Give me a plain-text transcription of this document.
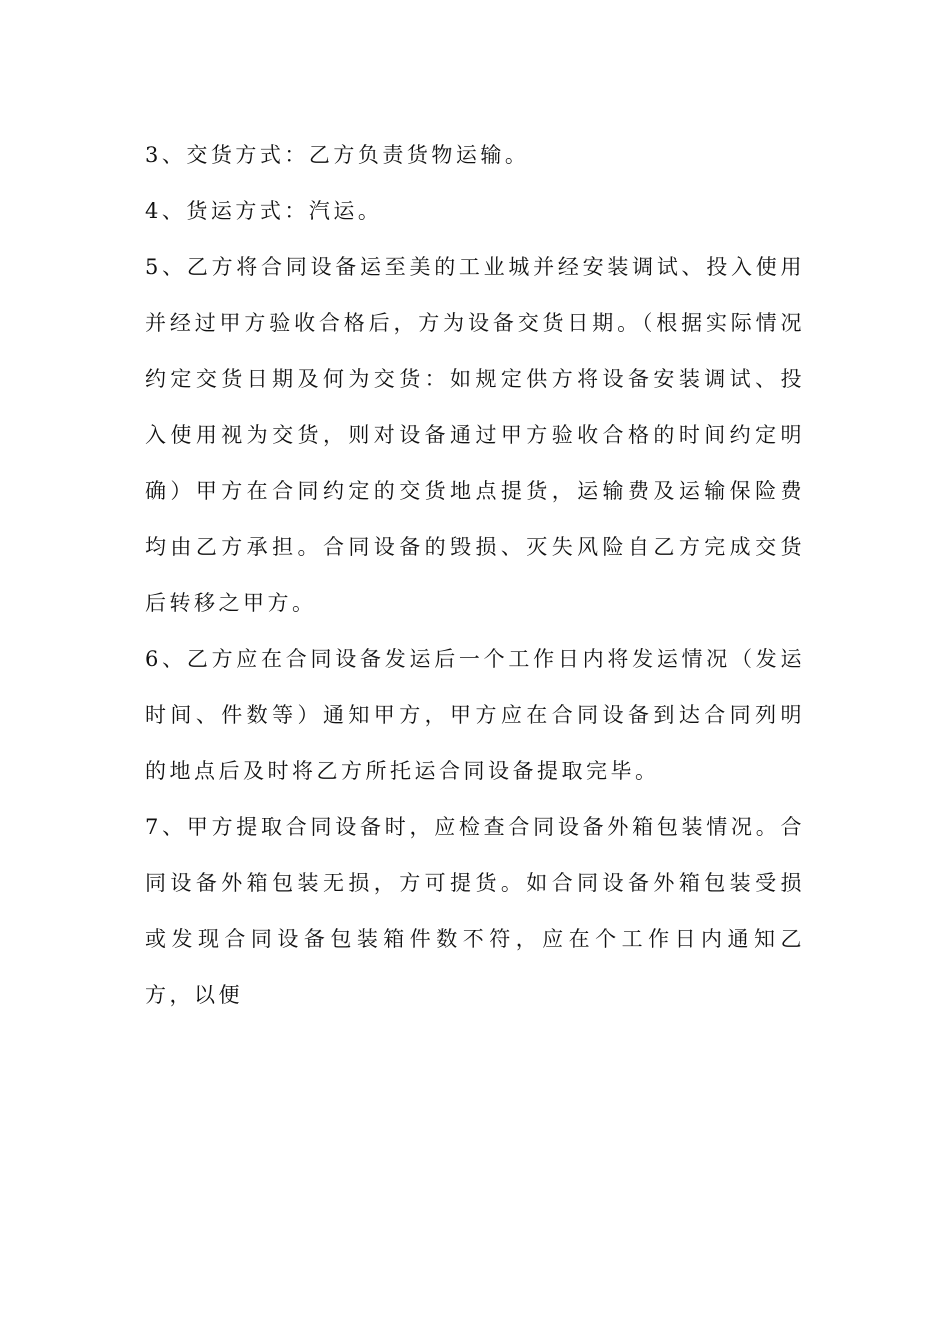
3、交货方式：乙方负责货物运输。

4、货运方式：汽运。

5、乙方将合同设备运至美的工业城并经安装调试、投入使用并经过甲方验收合格后，方为设备交货日期。（根据实际情况约定交货日期及何为交货：如规定供方将设备安装调试、投入使用视为交货，则对设备通过甲方验收合格的时间约定明确）甲方在合同约定的交货地点提货，运输费及运输保险费均由乙方承担。合同设备的毁损、灭失风险自乙方完成交货后转移之甲方。

6、乙方应在合同设备发运后一个工作日内将发运情况（发运时间、件数等）通知甲方，甲方应在合同设备到达合同列明的地点后及时将乙方所托运合同设备提取完毕。

7、甲方提取合同设备时，应检查合同设备外箱包装情况。合同设备外箱包装无损，方可提货。如合同设备外箱包装受损或发现合同设备包装箱件数不符，应在个工作日内通知乙方，以便
